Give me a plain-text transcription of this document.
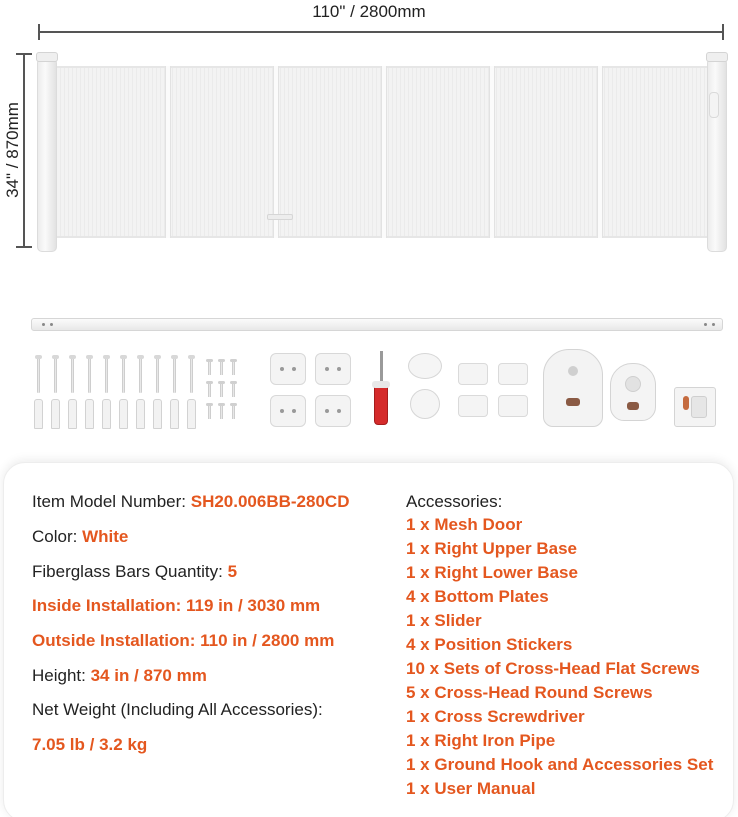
110" / 2800mm
34" / 870mm
Item Model Number: SH20.006BB-280CD
Color: White
Fiberglass Bars Quantity: 5
Inside Installation: 119 in / 3030 mm
Outside Installation: 110 in / 2800 mm
Height: 34 in / 870 mm
Net Weight (Including All Accessories):
7.05 lb / 3.2 kg
Accessories:
1 x Mesh Door
1 x Right Upper Base
1 x Right Lower Base
4 x Bottom Plates
1 x Slider
4 x Position Stickers
10 x Sets of Cross-Head Flat Screws
5 x Cross-Head Round Screws
1 x Cross Screwdriver
1 x Right Iron Pipe
1 x Ground Hook and Accessories Set
1 x User Manual
